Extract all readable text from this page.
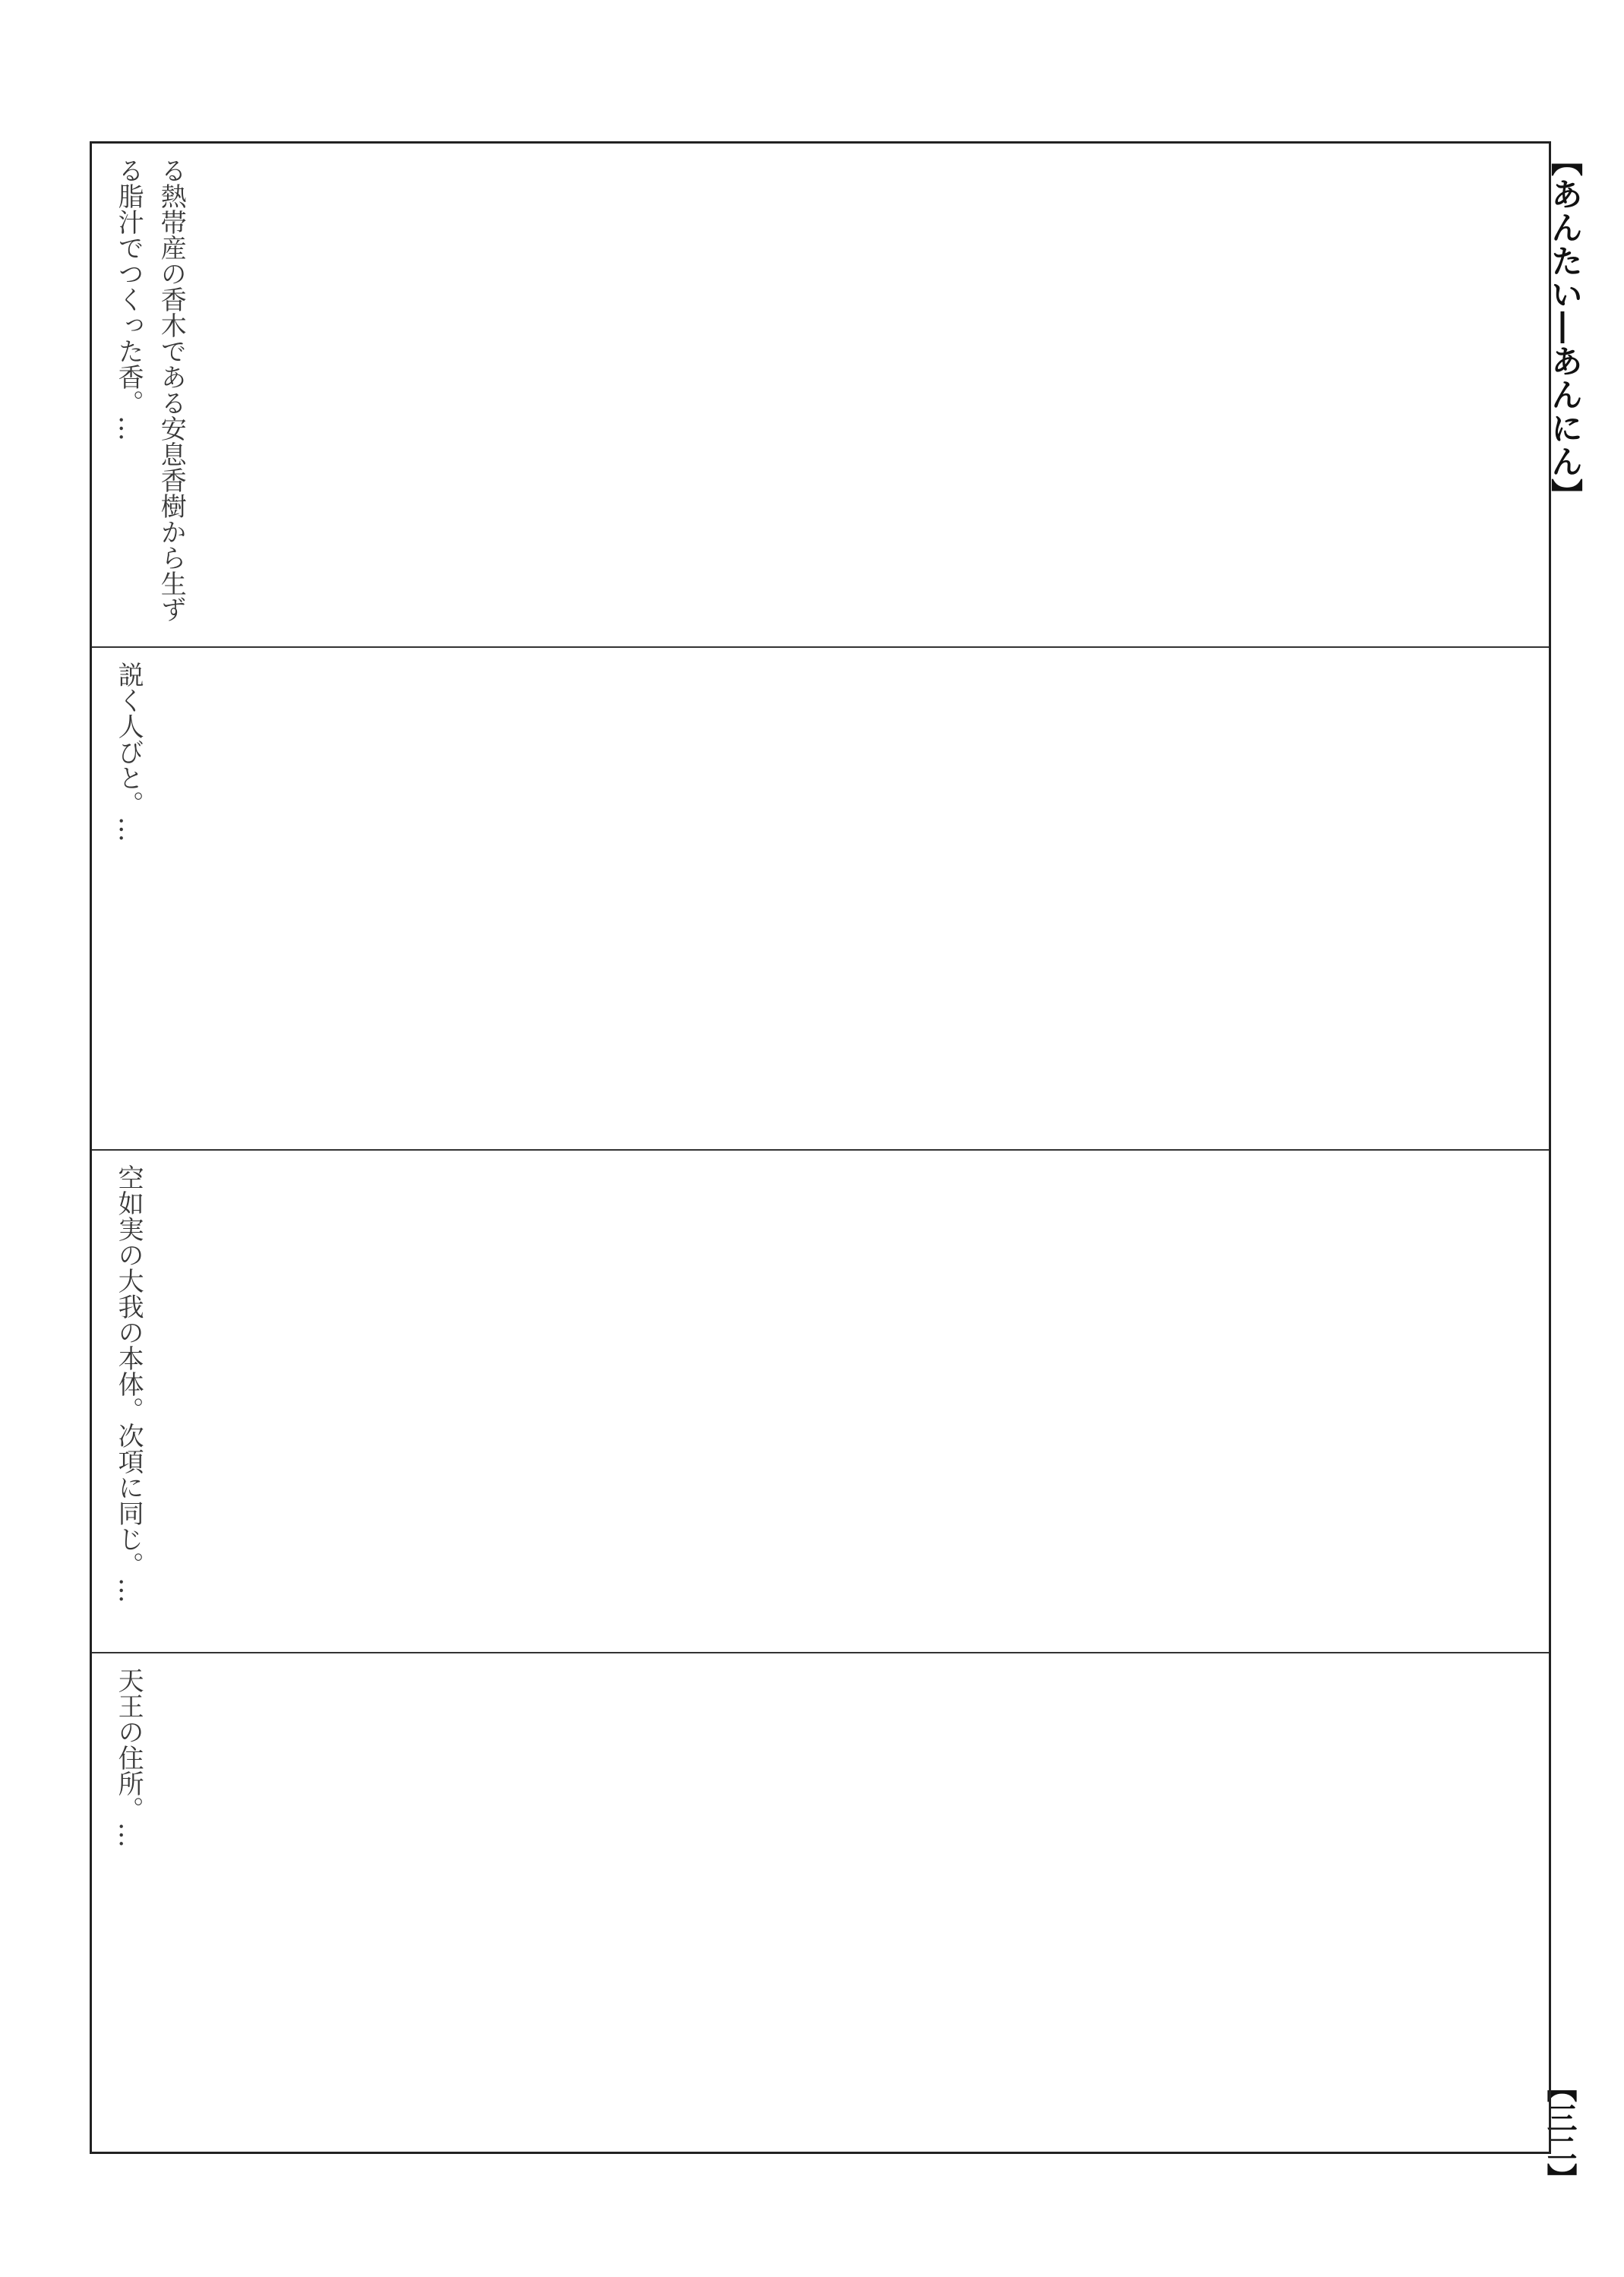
【あんたい―あんにん】
【三二】
る熱帯産の香木である安息香樹から生ずる脂汁でつくった香。…
説く人びと。…
空如実の大我の本体。次項に同じ。…
天王の住所。…
